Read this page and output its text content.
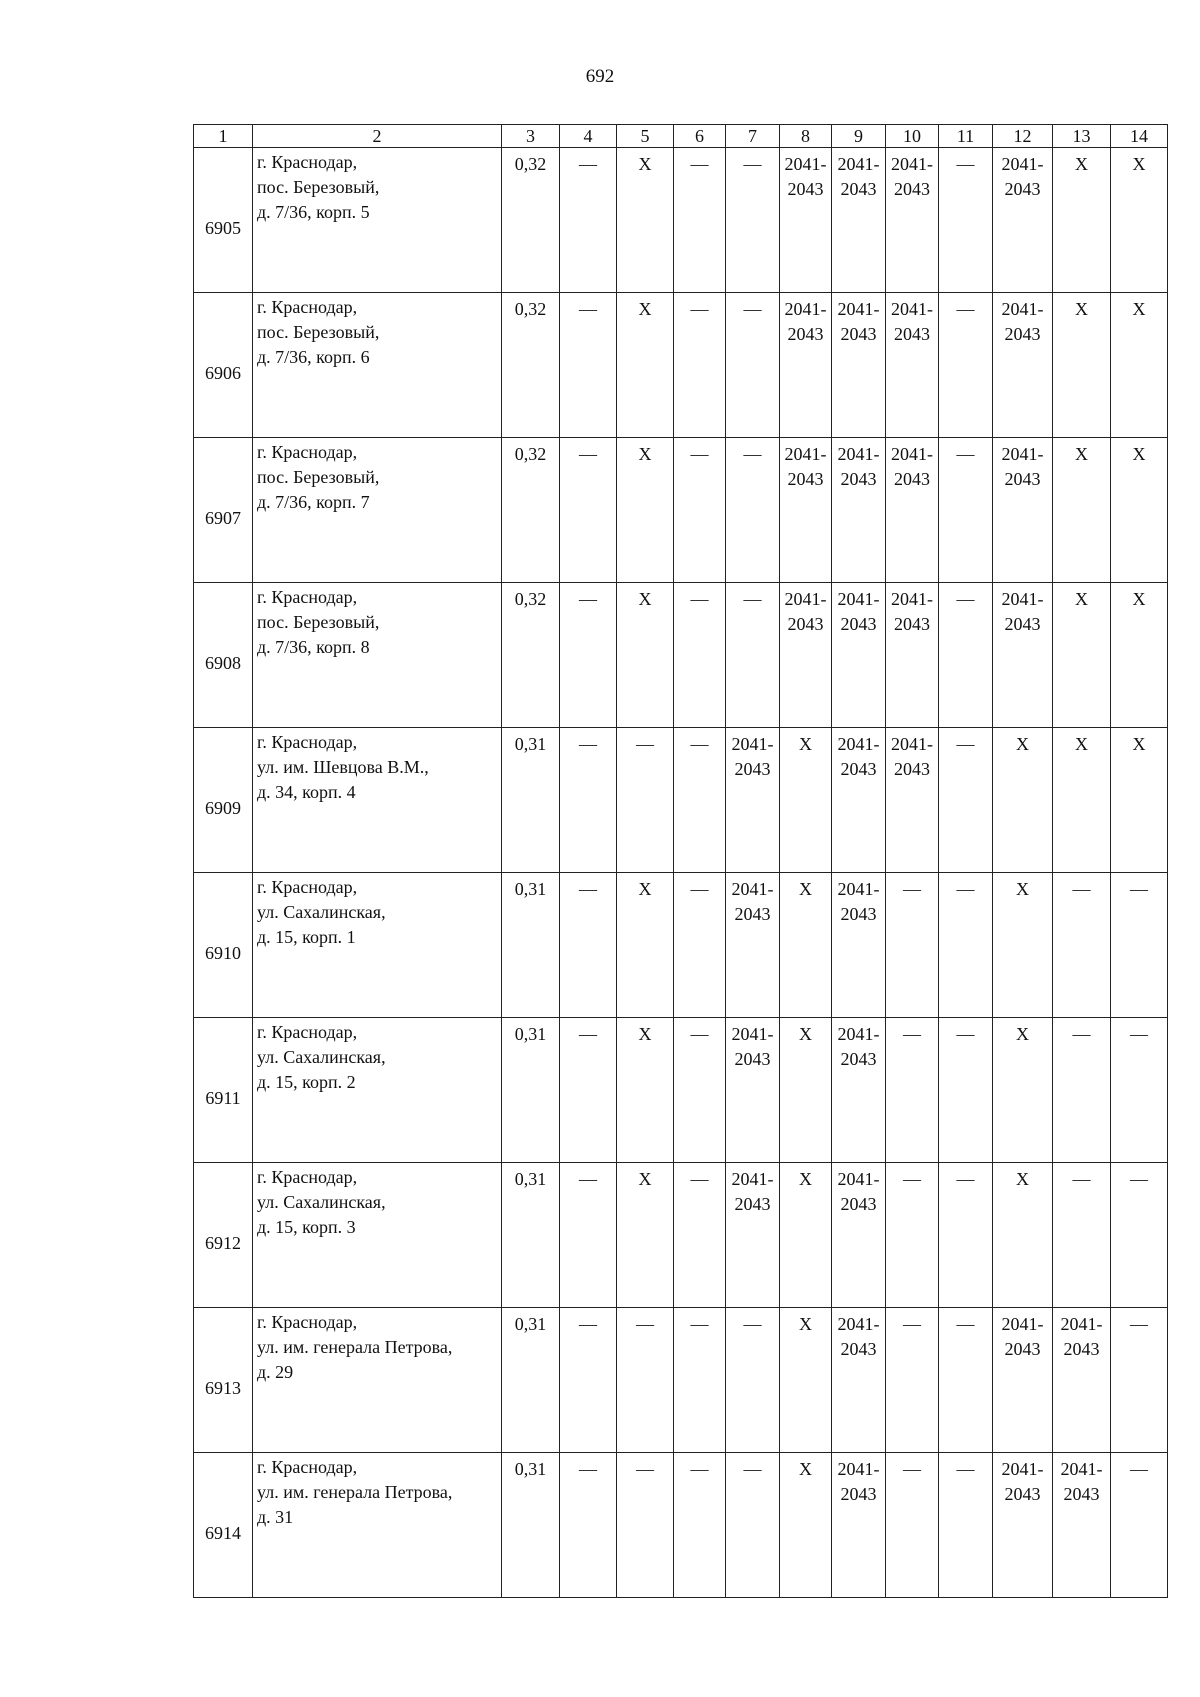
692
1	2	3	4	5	6	7	8	9	10	11	12	13	14
6905	г. Краснодар,
пос. Березовый,
д. 7/36, корп. 5	0,32	—	X	—	—	2041-2043	2041-2043	2041-2043	—	2041-2043	X	X
6906	г. Краснодар,
пос. Березовый,
д. 7/36, корп. 6	0,32	—	X	—	—	2041-2043	2041-2043	2041-2043	—	2041-2043	X	X
6907	г. Краснодар,
пос. Березовый,
д. 7/36, корп. 7	0,32	—	X	—	—	2041-2043	2041-2043	2041-2043	—	2041-2043	X	X
6908	г. Краснодар,
пос. Березовый,
д. 7/36, корп. 8	0,32	—	X	—	—	2041-2043	2041-2043	2041-2043	—	2041-2043	X	X
6909	г. Краснодар,
ул. им. Шевцова В.М.,
д. 34, корп. 4	0,31	—	—	—	2041-2043	X	2041-2043	2041-2043	—	X	X	X
6910	г. Краснодар,
ул. Сахалинская,
д. 15, корп. 1	0,31	—	X	—	2041-2043	X	2041-2043	—	—	X	—	—
6911	г. Краснодар,
ул. Сахалинская,
д. 15, корп. 2	0,31	—	X	—	2041-2043	X	2041-2043	—	—	X	—	—
6912	г. Краснодар,
ул. Сахалинская,
д. 15, корп. 3	0,31	—	X	—	2041-2043	X	2041-2043	—	—	X	—	—
6913	г. Краснодар,
ул. им. генерала Петрова,
д. 29	0,31	—	—	—	—	X	2041-2043	—	—	2041-2043	2041-2043	—
6914	г. Краснодар,
ул. им. генерала Петрова,
д. 31	0,31	—	—	—	—	X	2041-2043	—	—	2041-2043	2041-2043	—
